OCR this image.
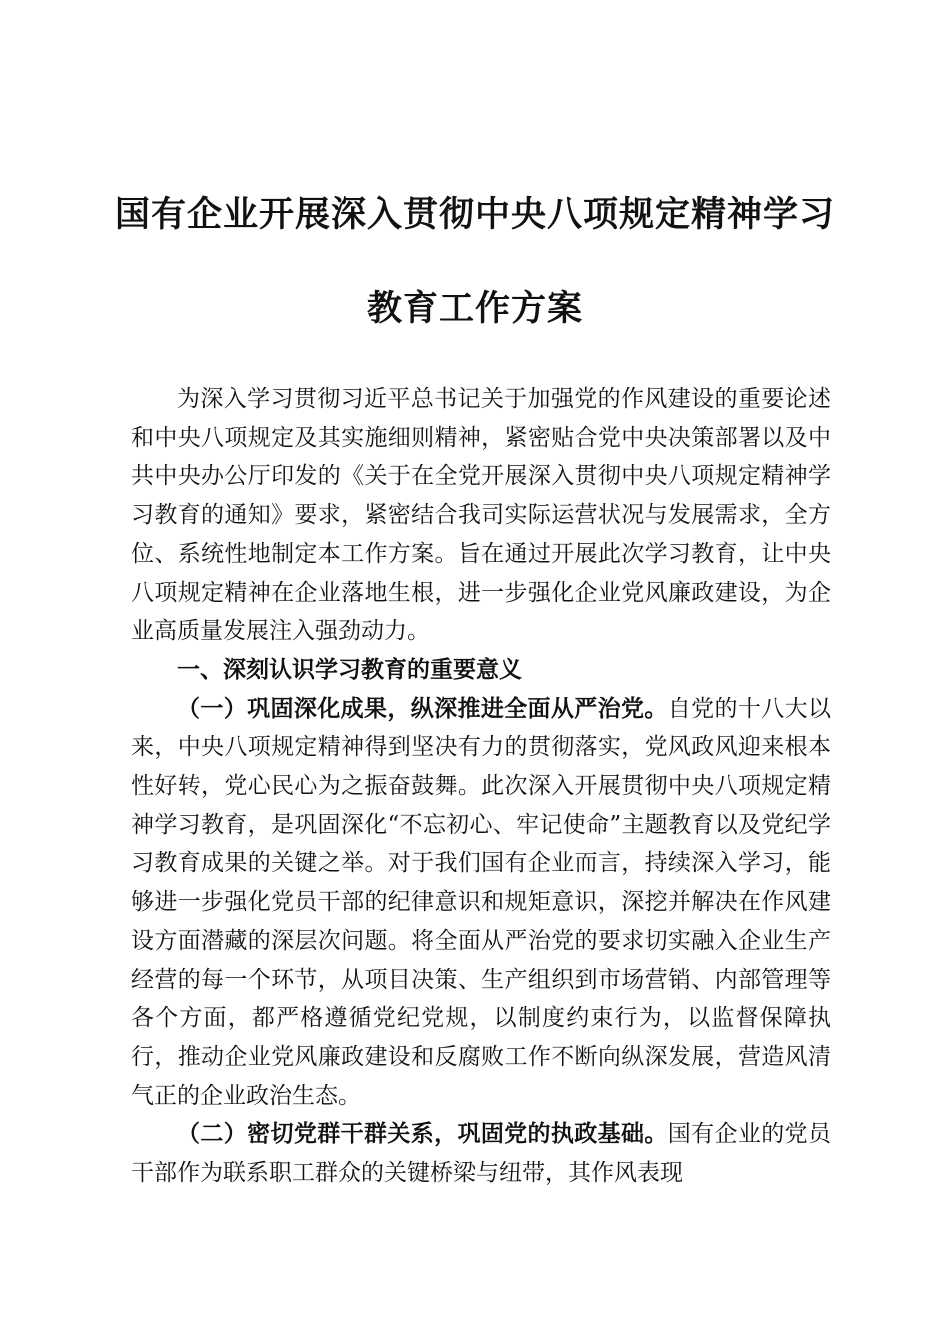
国有企业开展深入贯彻中央八项规定精神学习
教育工作方案

为深入学习贯彻习近平总书记关于加强党的作风建设的重要论述和中央八项规定及其实施细则精神，紧密贴合党中央决策部署以及中共中央办公厅印发的《关于在全党开展深入贯彻中央八项规定精神学习教育的通知》要求，紧密结合我司实际运营状况与发展需求，全方位、系统性地制定本工作方案。旨在通过开展此次学习教育，让中央八项规定精神在企业落地生根，进一步强化企业党风廉政建设，为企业高质量发展注入强劲动力。

一、深刻认识学习教育的重要意义

（一）巩固深化成果，纵深推进全面从严治党。自党的十八大以来，中央八项规定精神得到坚决有力的贯彻落实，党风政风迎来根本性好转，党心民心为之振奋鼓舞。此次深入开展贯彻中央八项规定精神学习教育，是巩固深化“不忘初心、牢记使命”主题教育以及党纪学习教育成果的关键之举。对于我们国有企业而言，持续深入学习，能够进一步强化党员干部的纪律意识和规矩意识，深挖并解决在作风建设方面潜藏的深层次问题。将全面从严治党的要求切实融入企业生产经营的每一个环节，从项目决策、生产组织到市场营销、内部管理等各个方面，都严格遵循党纪党规，以制度约束行为，以监督保障执行，推动企业党风廉政建设和反腐败工作不断向纵深发展，营造风清气正的企业政治生态。

（二）密切党群干群关系，巩固党的执政基础。国有企业的党员干部作为联系职工群众的关键桥梁与纽带，其作风表现
